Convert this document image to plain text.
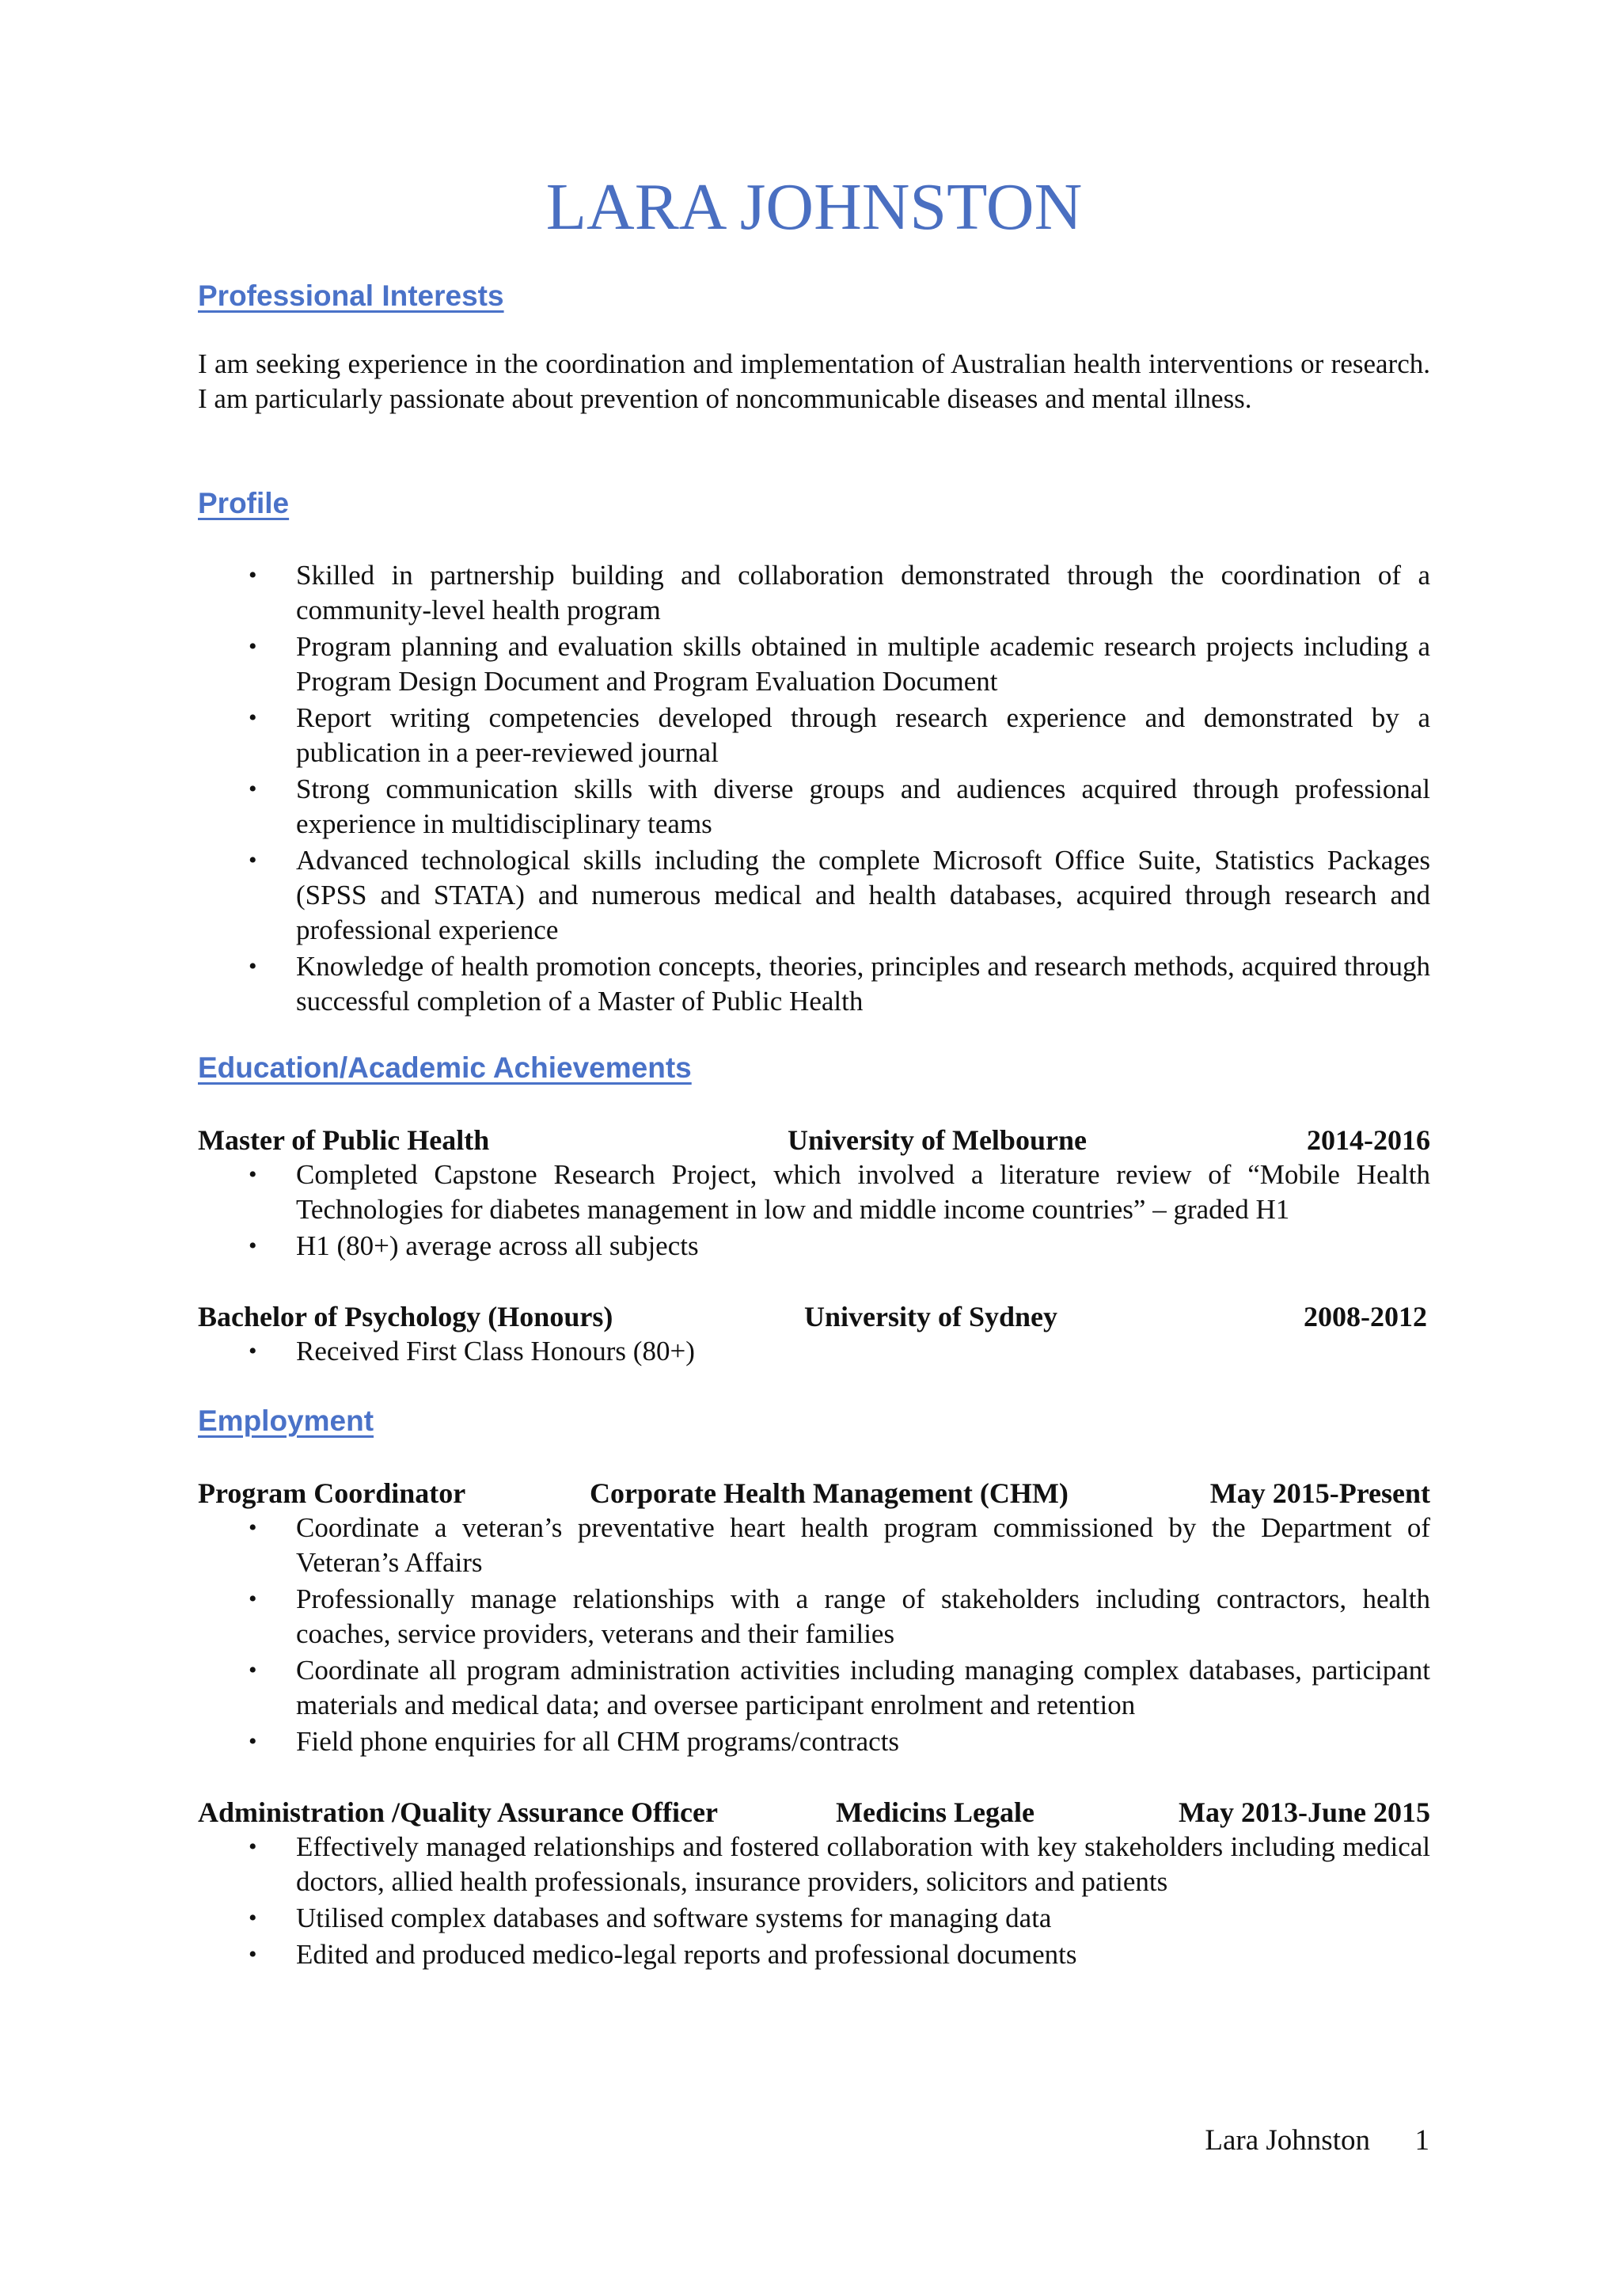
LARA JOHNSTON
Professional Interests
I am seeking experience in the coordination and implementation of Australian health interventions or research. I am particularly passionate about prevention of noncommunicable diseases and mental illness.
Profile
• Skilled in partnership building and collaboration demonstrated through the coordination of a community-level health program
• Program planning and evaluation skills obtained in multiple academic research projects including a Program Design Document and Program Evaluation Document
• Report writing competencies developed through research experience and demonstrated by a publication in a peer-reviewed journal
• Strong communication skills with diverse groups and audiences acquired through professional experience in multidisciplinary teams
• Advanced technological skills including the complete Microsoft Office Suite, Statistics Packages (SPSS and STATA) and numerous medical and health databases, acquired through research and professional experience
• Knowledge of health promotion concepts, theories, principles and research methods, acquired through successful completion of a Master of Public Health
Education/Academic Achievements
Master of Public Health	University of Melbourne	2014-2016
• Completed Capstone Research Project, which involved a literature review of “Mobile Health Technologies for diabetes management in low and middle income countries” – graded H1
• H1 (80+) average across all subjects
Bachelor of Psychology (Honours)	University of Sydney	2008-2012
• Received First Class Honours (80+)
Employment
Program Coordinator	Corporate Health Management (CHM)	May 2015-Present
• Coordinate a veteran’s preventative heart health program commissioned by the Department of Veteran’s Affairs
• Professionally manage relationships with a range of stakeholders including contractors, health coaches, service providers, veterans and their families
• Coordinate all program administration activities including managing complex databases, participant materials and medical data; and oversee participant enrolment and retention
• Field phone enquiries for all CHM programs/contracts
Administration /Quality Assurance Officer	Medicins Legale	May 2013-June 2015
• Effectively managed relationships and fostered collaboration with key stakeholders including medical doctors, allied health professionals, insurance providers, solicitors and patients
• Utilised complex databases and software systems for managing data
• Edited and produced medico-legal reports and professional documents
Lara Johnston 1
